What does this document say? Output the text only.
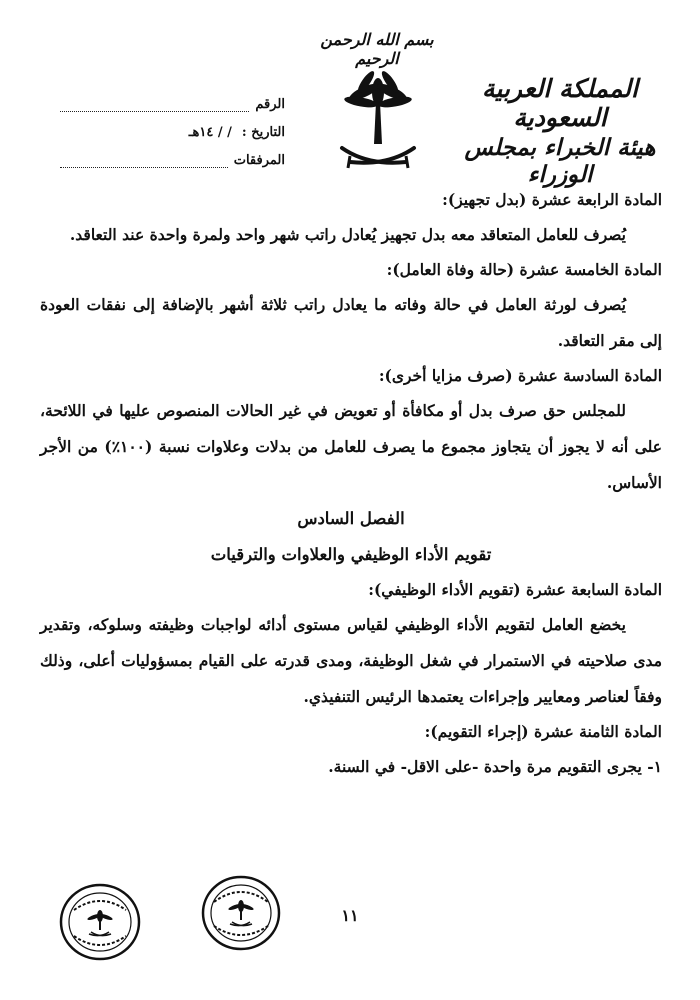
بسم الله الرحمن الرحيم
المملكة العربية السعودية
هيئة الخبراء بمجلس الوزراء
الرقم
التاريخ :
/ / ١٤هـ
المرفقات
المادة الرابعة عشرة (بدل تجهيز):
يُصرف للعامل المتعاقد معه بدل تجهيز يُعادل راتب شهر واحد ولمرة واحدة عند التعاقد.
المادة الخامسة عشرة (حالة وفاة العامل):
يُصرف لورثة العامل في حالة وفاته ما يعادل راتب ثلاثة أشهر بالإضافة إلى نفقات العودة إلى مقر التعاقد.
المادة السادسة عشرة (صرف مزايا أخرى):
للمجلس حق صرف بدل أو مكافأة أو تعويض في غير الحالات المنصوص عليها في اللائحة، على أنه لا يجوز أن يتجاوز مجموع ما يصرف للعامل من بدلات وعلاوات نسبة (١٠٠٪) من الأجر الأساس.
الفصل السادس
تقويم الأداء الوظيفي والعلاوات والترقيات
المادة السابعة عشرة (تقويم الأداء الوظيفي):
يخضع العامل لتقويم الأداء الوظيفي لقياس مستوى أدائه لواجبات وظيفته وسلوكه، وتقدير مدى صلاحيته في الاستمرار في شغل الوظيفة، ومدى قدرته على القيام بمسؤوليات أعلى، وذلك وفقاً لعناصر ومعايير وإجراءات يعتمدها الرئيس التنفيذي.
المادة الثامنة عشرة (إجراء التقويم):
١- يجرى التقويم مرة واحدة -على الاقل- في السنة.
١١
